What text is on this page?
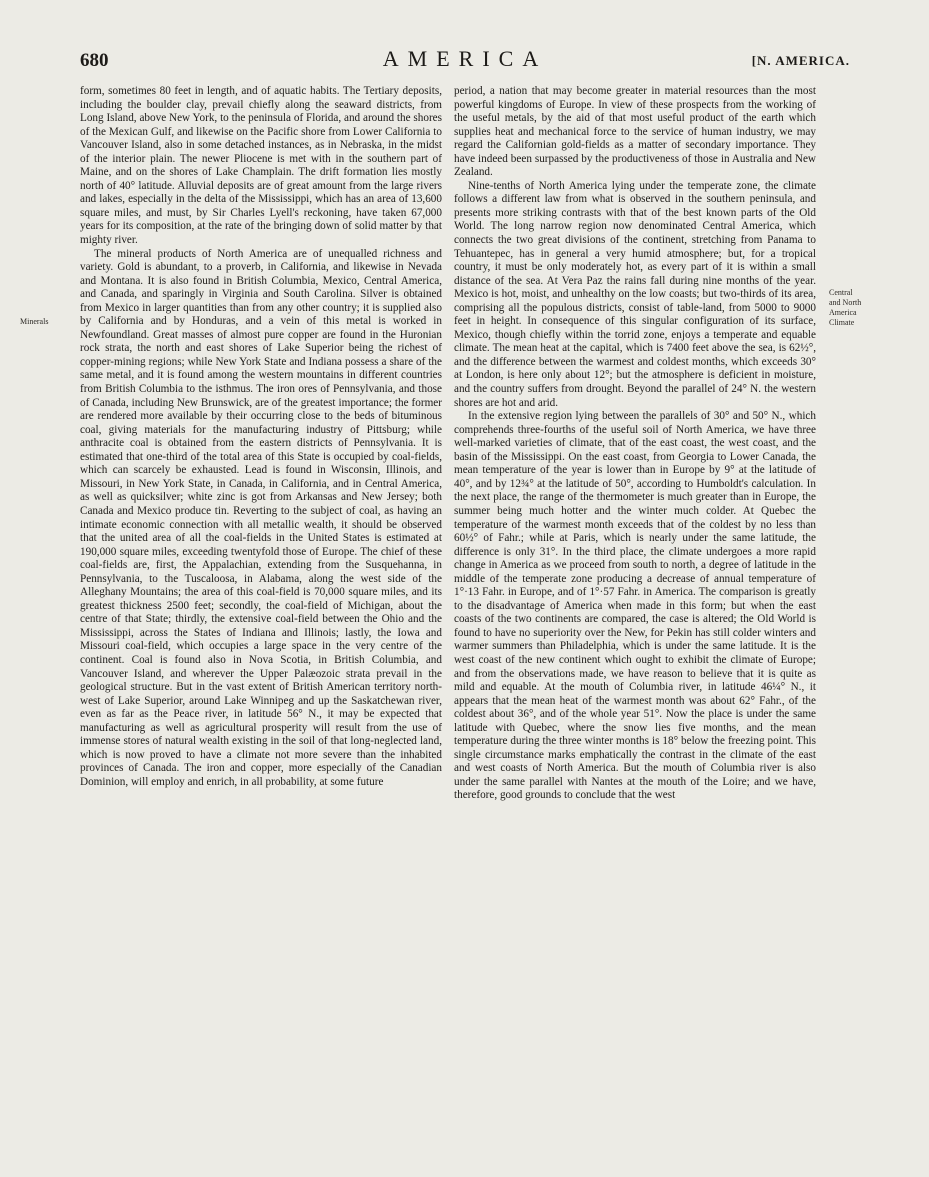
680	AMERICA	[N. AMERICA.
Minerals
Central
and North
America
Climate

form, sometimes 80 feet in length, and of aquatic habits. The Tertiary deposits, including the boulder clay, prevail chiefly along the seaward districts, from Long Island, above New York, to the peninsula of Florida, and around the shores of the Mexican Gulf, and likewise on the Pacific shore from Lower California to Vancouver Island, also in some detached instances, as in Nebraska, in the midst of the interior plain. The newer Pliocene is met with in the southern part of Maine, and on the shores of Lake Champlain. The drift formation lies mostly north of 40° latitude. Alluvial deposits are of great amount from the large rivers and lakes, especially in the delta of the Mississippi, which has an area of 13,600 square miles, and must, by Sir Charles Lyell's reckoning, have taken 67,000 years for its composition, at the rate of the bringing down of solid matter by that mighty river.

The mineral products of North America are of unequalled richness and variety. Gold is abundant, to a proverb, in California, and likewise in Nevada and Montana. It is also found in British Columbia, Mexico, Central America, and Canada, and sparingly in Virginia and South Carolina. Silver is obtained from Mexico in larger quantities than from any other country; it is supplied also by California and by Honduras, and a vein of this metal is worked in Newfoundland. Great masses of almost pure copper are found in the Huronian rock strata, the north and east shores of Lake Superior being the richest of copper-mining regions; while New York State and Indiana possess a share of the same metal, and it is found among the western mountains in different countries from British Columbia to the isthmus. The iron ores of Pennsylvania, and those of Canada, including New Brunswick, are of the greatest importance; the former are rendered more available by their occurring close to the beds of bituminous coal, giving materials for the manufacturing industry of Pittsburg; while anthracite coal is obtained from the eastern districts of Pennsylvania. It is estimated that one-third of the total area of this State is occupied by coal-fields, which can scarcely be exhausted. Lead is found in Wisconsin, Illinois, and Missouri, in New York State, in Canada, in California, and in Central America, as well as quicksilver; white zinc is got from Arkansas and New Jersey; both Canada and Mexico produce tin. Reverting to the subject of coal, as having an intimate economic connection with all metallic wealth, it should be observed that the united area of all the coal-fields in the United States is estimated at 190,000 square miles, exceeding twentyfold those of Europe. The chief of these coal-fields are, first, the Appalachian, extending from the Susquehanna, in Pennsylvania, to the Tuscaloosa, in Alabama, along the west side of the Alleghany Mountains; the area of this coal-field is 70,000 square miles, and its greatest thickness 2500 feet; secondly, the coal-field of Michigan, about the centre of that State; thirdly, the extensive coal-field between the Ohio and the Mississippi, across the States of Indiana and Illinois; lastly, the Iowa and Missouri coal-field, which occupies a large space in the very centre of the continent. Coal is found also in Nova Scotia, in British Columbia, and Vancouver Island, and wherever the Upper Palæozoic strata prevail in the geological structure. But in the vast extent of British American territory north-west of Lake Superior, around Lake Winnipeg and up the Saskatchewan river, even as far as the Peace river, in latitude 56° N., it may be expected that manufacturing as well as agricultural prosperity will result from the use of immense stores of natural wealth existing in the soil of that long-neglected land, which is now proved to have a climate not more severe than the inhabited provinces of Canada. The iron and copper, more especially of the Canadian Dominion, will employ and enrich, in all probability, at some future

period, a nation that may become greater in material resources than the most powerful kingdoms of Europe. In view of these prospects from the working of the useful metals, by the aid of that most useful product of the earth which supplies heat and mechanical force to the service of human industry, we may regard the Californian gold-fields as a matter of secondary importance. They have indeed been surpassed by the productiveness of those in Australia and New Zealand.

Nine-tenths of North America lying under the temperate zone, the climate follows a different law from what is observed in the southern peninsula, and presents more striking contrasts with that of the best known parts of the Old World. The long narrow region now denominated Central America, which connects the two great divisions of the continent, stretching from Panama to Tehuantepec, has in general a very humid atmosphere; but, for a tropical country, it must be only moderately hot, as every part of it is within a small distance of the sea. At Vera Paz the rains fall during nine months of the year. Mexico is hot, moist, and unhealthy on the low coasts; but two-thirds of its area, comprising all the populous districts, consist of table-land, from 5000 to 9000 feet in height. In consequence of this singular configuration of its surface, Mexico, though chiefly within the torrid zone, enjoys a temperate and equable climate. The mean heat at the capital, which is 7400 feet above the sea, is 62½°, and the difference between the warmest and coldest months, which exceeds 30° at London, is here only about 12°; but the atmosphere is deficient in moisture, and the country suffers from drought. Beyond the parallel of 24° N. the western shores are hot and arid.

In the extensive region lying between the parallels of 30° and 50° N., which comprehends three-fourths of the useful soil of North America, we have three well-marked varieties of climate, that of the east coast, the west coast, and the basin of the Mississippi. On the east coast, from Georgia to Lower Canada, the mean temperature of the year is lower than in Europe by 9° at the latitude of 40°, and by 12¾° at the latitude of 50°, according to Humboldt's calculation. In the next place, the range of the thermometer is much greater than in Europe, the summer being much hotter and the winter much colder. At Quebec the temperature of the warmest month exceeds that of the coldest by no less than 60½° of Fahr.; while at Paris, which is nearly under the same latitude, the difference is only 31°. In the third place, the climate undergoes a more rapid change in America as we proceed from south to north, a degree of latitude in the middle of the temperate zone producing a decrease of annual temperature of 1°·13 Fahr. in Europe, and of 1°·57 Fahr. in America. The comparison is greatly to the disadvantage of America when made in this form; but when the east coasts of the two continents are compared, the case is altered; the Old World is found to have no superiority over the New, for Pekin has still colder winters and warmer summers than Philadelphia, which is under the same latitude. It is the west coast of the new continent which ought to exhibit the climate of Europe; and from the observations made, we have reason to believe that it is quite as mild and equable. At the mouth of Columbia river, in latitude 46¼° N., it appears that the mean heat of the warmest month was about 62° Fahr., of the coldest about 36°, and of the whole year 51°. Now the place is under the same latitude with Quebec, where the snow lies five months, and the mean temperature during the three winter months is 18° below the freezing point. This single circumstance marks emphatically the contrast in the climate of the east and west coasts of North America. But the mouth of Columbia river is also under the same parallel with Nantes at the mouth of the Loire; and we have, therefore, good grounds to conclude that the west
